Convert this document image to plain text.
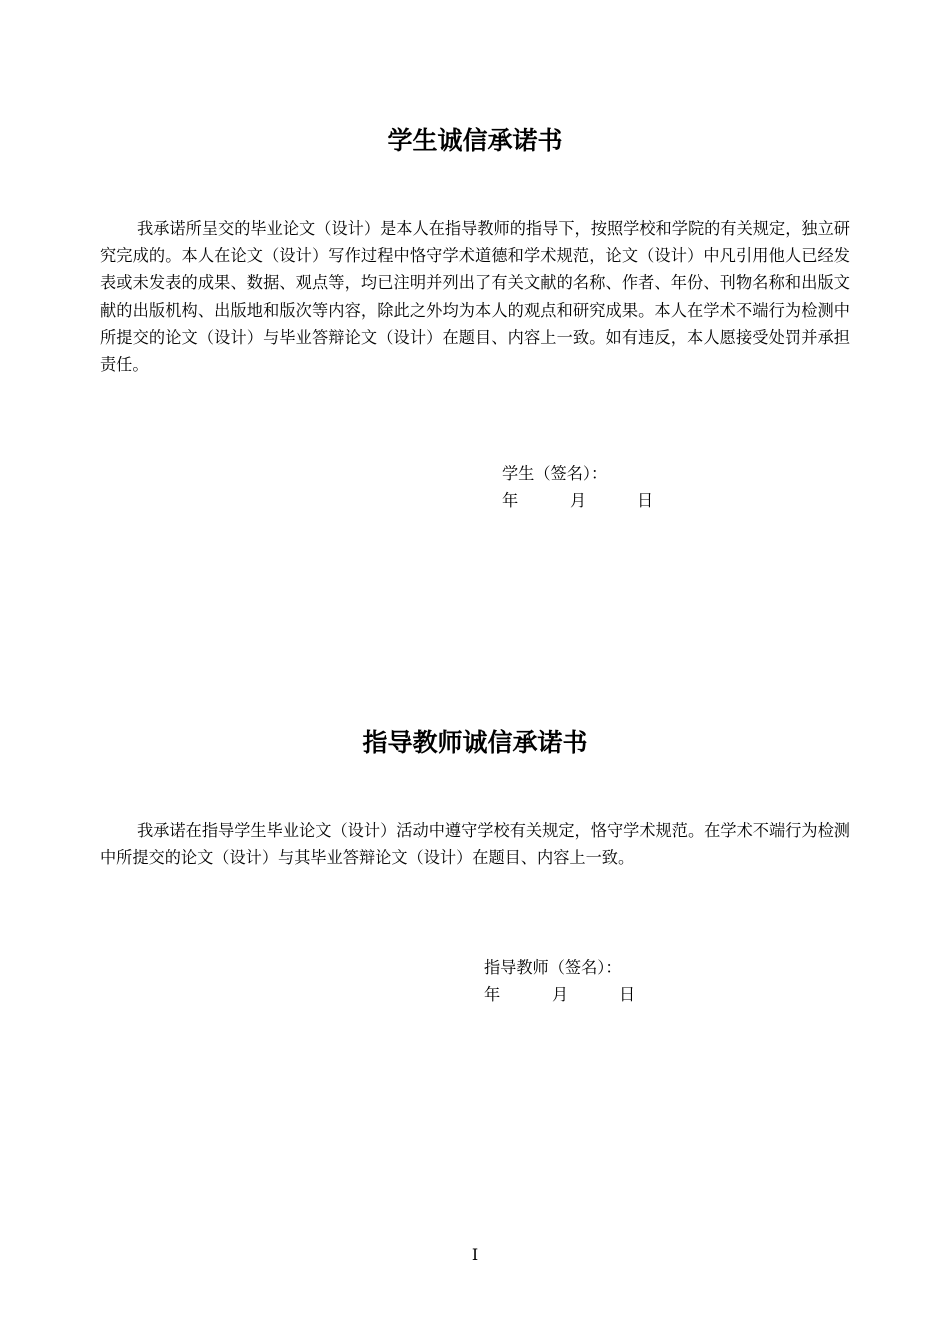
学生诚信承诺书

我承诺所呈交的毕业论文（设计）是本人在指导教师的指导下，按照学校和学院的有关规定，独立研究完成的。本人在论文（设计）写作过程中恪守学术道德和学术规范，论文（设计）中凡引用他人已经发表或未发表的成果、数据、观点等，均已注明并列出了有关文献的名称、作者、年份、刊物名称和出版文献的出版机构、出版地和版次等内容，除此之外均为本人的观点和研究成果。本人在学术不端行为检测中所提交的论文（设计）与毕业答辩论文（设计）在题目、内容上一致。如有违反，本人愿接受处罚并承担责任。

学生（签名）：
年	月	日
指导教师诚信承诺书

我承诺在指导学生毕业论文（设计）活动中遵守学校有关规定，恪守学术规范。在学术不端行为检测中所提交的论文（设计）与其毕业答辩论文（设计）在题目、内容上一致。

指导教师（签名）：
年	月	日
I
